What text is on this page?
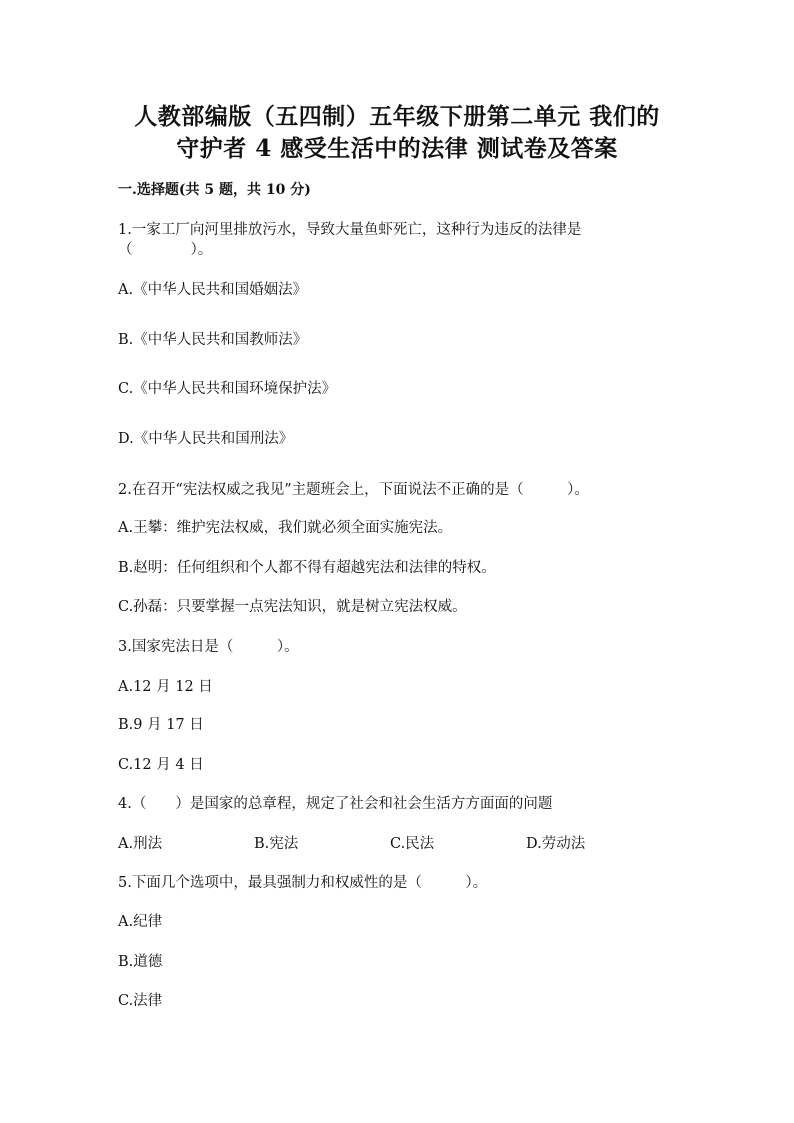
人教部编版（五四制）五年级下册第二单元 我们的
守护者 4 感受生活中的法律 测试卷及答案
一.选择题(共 5 题，共 10 分)
1.一家工厂向河里排放污水，导致大量鱼虾死亡，这种行为违反的法律是
（　　　　）。
A.《中华人民共和国婚姻法》
B.《中华人民共和国教师法》
C.《中华人民共和国环境保护法》
D.《中华人民共和国刑法》
2.在召开“宪法权威之我见”主题班会上，下面说法不正确的是（　　　）。
A.王攀：维护宪法权威，我们就必须全面实施宪法。
B.赵明：任何组织和个人都不得有超越宪法和法律的特权。
C.孙磊：只要掌握一点宪法知识，就是树立宪法权威。
3.国家宪法日是（　　　）。
A.12 月 12 日
B.9 月 17 日
C.12 月 4 日
4.（　　）是国家的总章程，规定了社会和社会生活方方面面的问题
A.刑法	B.宪法	C.民法	D.劳动法
5.下面几个选项中，最具强制力和权威性的是（　　　）。
A.纪律
B.道德
C.法律
